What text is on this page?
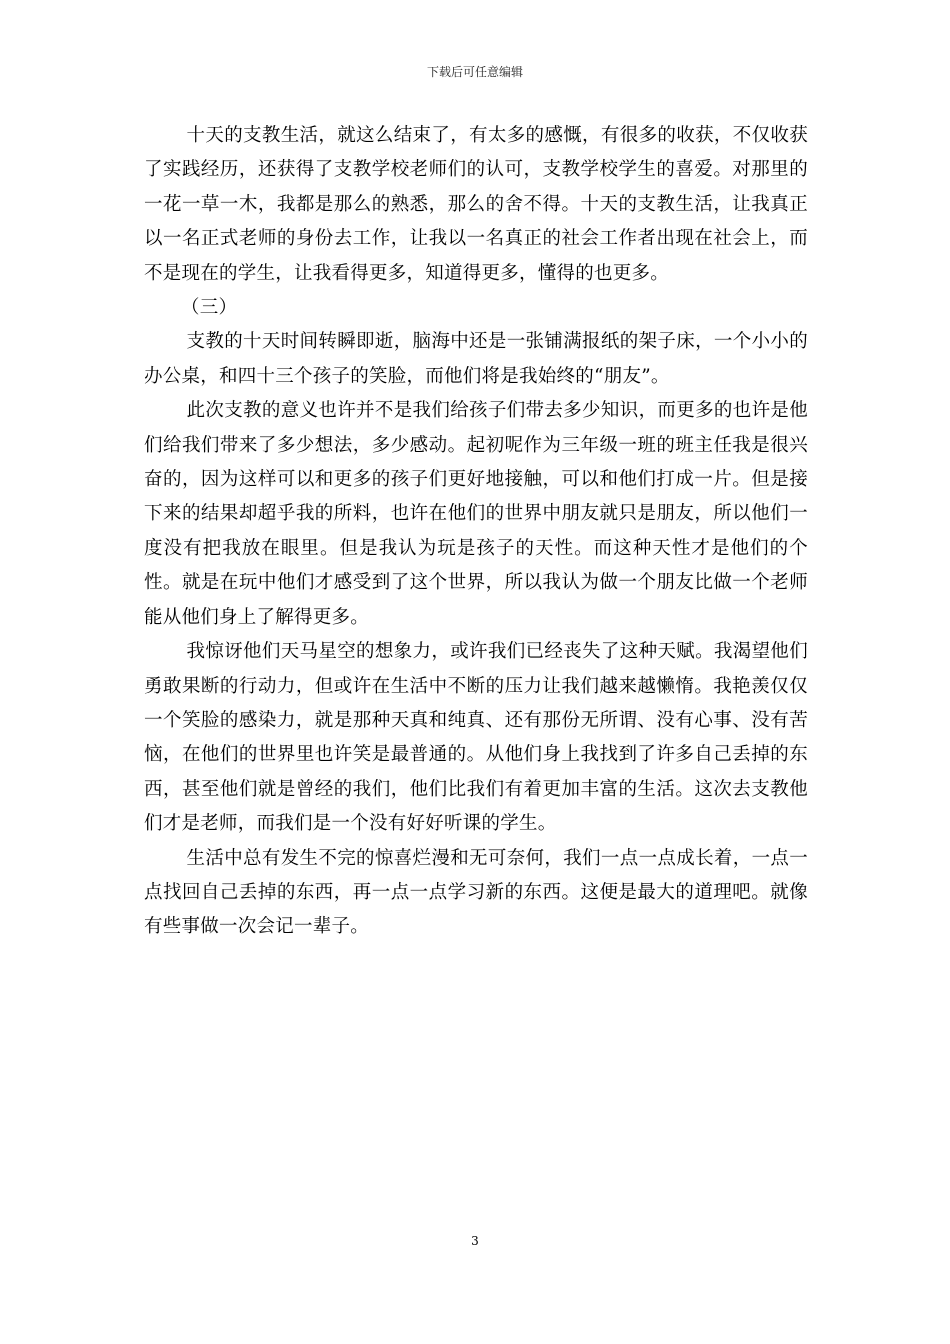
下载后可任意编辑

十天的支教生活，就这么结束了，有太多的感慨，有很多的收获，不仅收获了实践经历，还获得了支教学校老师们的认可，支教学校学生的喜爱。对那里的一花一草一木，我都是那么的熟悉，那么的舍不得。十天的支教生活，让我真正以一名正式老师的身份去工作，让我以一名真正的社会工作者出现在社会上，而不是现在的学生，让我看得更多，知道得更多，懂得的也更多。

（三）

支教的十天时间转瞬即逝，脑海中还是一张铺满报纸的架子床，一个小小的办公桌，和四十三个孩子的笑脸，而他们将是我始终的“朋友”。

此次支教的意义也许并不是我们给孩子们带去多少知识，而更多的也许是他们给我们带来了多少想法，多少感动。起初呢作为三年级一班的班主任我是很兴奋的，因为这样可以和更多的孩子们更好地接触，可以和他们打成一片。但是接下来的结果却超乎我的所料，也许在他们的世界中朋友就只是朋友，所以他们一度没有把我放在眼里。但是我认为玩是孩子的天性。而这种天性才是他们的个性。就是在玩中他们才感受到了这个世界，所以我认为做一个朋友比做一个老师能从他们身上了解得更多。

我惊讶他们天马星空的想象力，或许我们已经丧失了这种天赋。我渴望他们勇敢果断的行动力，但或许在生活中不断的压力让我们越来越懒惰。我艳羡仅仅一个笑脸的感染力，就是那种天真和纯真、还有那份无所谓、没有心事、没有苦恼，在他们的世界里也许笑是最普通的。从他们身上我找到了许多自己丢掉的东西，甚至他们就是曾经的我们，他们比我们有着更加丰富的生活。这次去支教他们才是老师，而我们是一个没有好好听课的学生。

生活中总有发生不完的惊喜烂漫和无可奈何，我们一点一点成长着，一点一点找回自己丢掉的东西，再一点一点学习新的东西。这便是最大的道理吧。就像有些事做一次会记一辈子。

3
